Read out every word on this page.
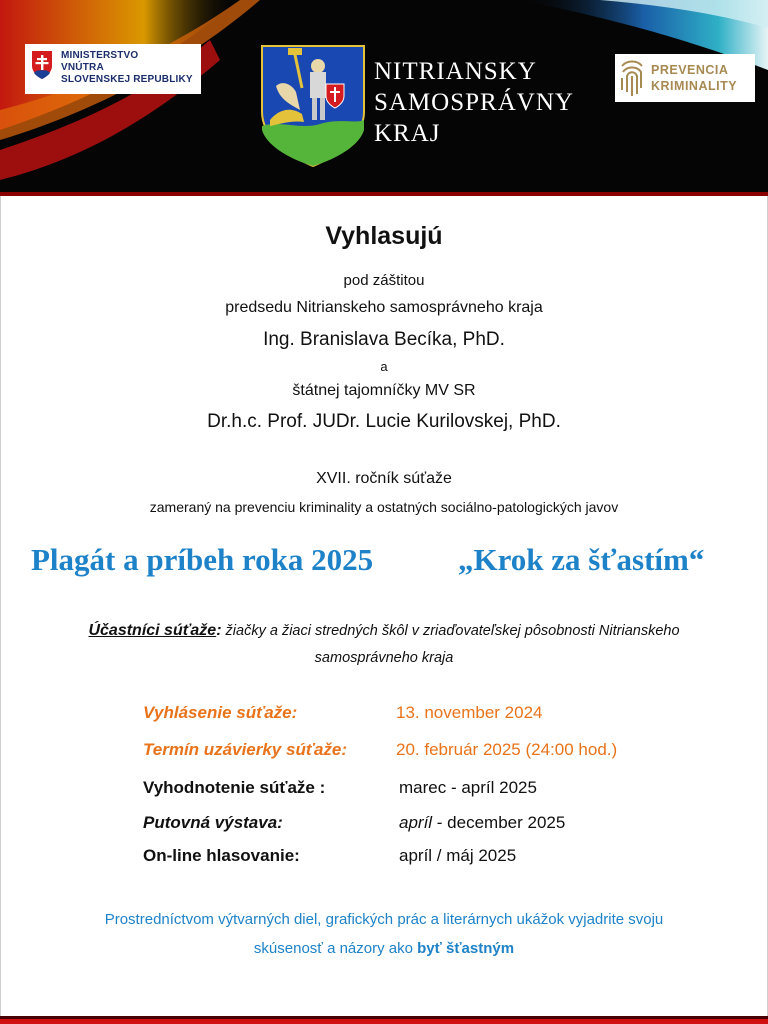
MINISTERSTVO
VNÚTRA
SLOVENSKEJ REPUBLIKY	NITRIANSKY
SAMOSPRÁVNY
KRAJ
PREVENCIA
KRIMINALITY
Vyhlasujú
pod záštitou
predsedu Nitrianskeho samosprávneho kraja
Ing. Branislava Becíka, PhD.
a
štátnej tajomníčky MV SR
Dr.h.c. Prof. JUDr. Lucie Kurilovskej, PhD.
XVII. ročník súťaže
zameraný na prevenciu kriminality a ostatných sociálno-patologických javov
Plagát a príbeh roka 2025	„Krok za šťastím“
Účastníci súťaže: žiačky a žiaci stredných škôl v zriaďovateľskej pôsobnosti Nitrianskeho
samosprávneho kraja
Vyhlásenie súťaže:	13. november 2024
Termín uzávierky súťaže:	20. február 2025 (24:00 hod.)
Vyhodnotenie súťaže :	marec - apríl 2025
Putovná výstava:	apríl - december 2025
On-line hlasovanie:	apríl / máj 2025
Prostredníctvom výtvarných diel, grafických prác a literárnych ukážok vyjadrite svoju
skúsenosť a názory ako byť šťastným
